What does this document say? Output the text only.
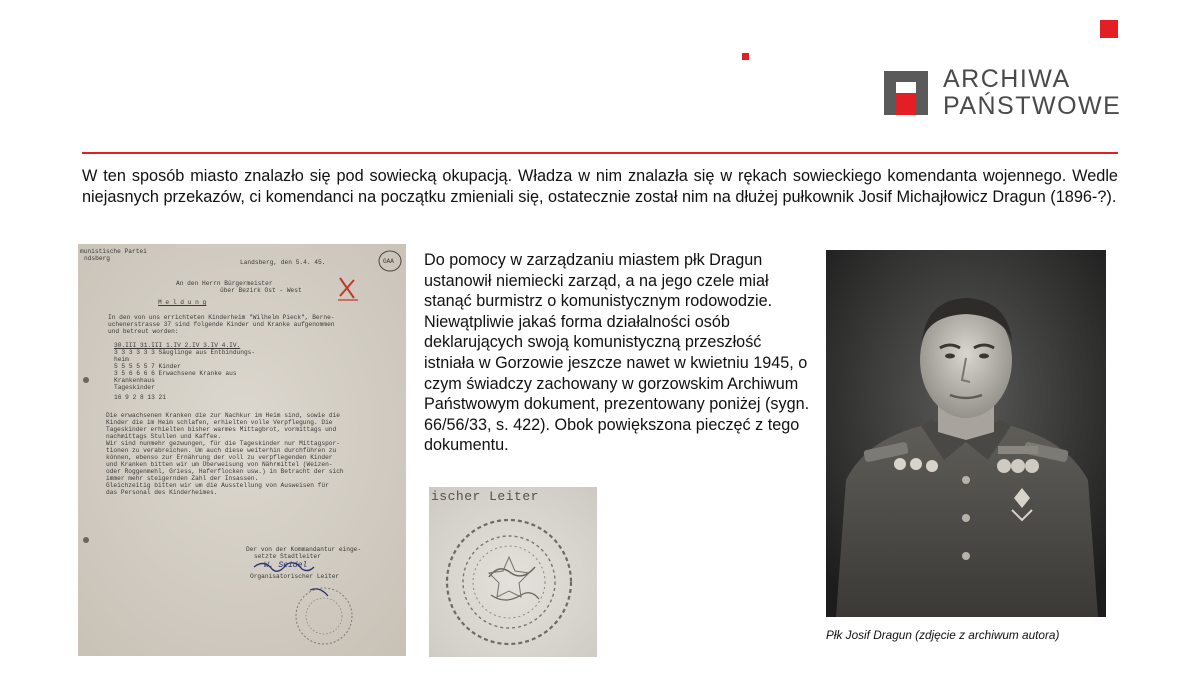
ARCHIWA
PAŃSTWOWE
W ten sposób miasto znalazło się pod sowiecką okupacją. Władza w nim znalazła się w rękach sowieckiego komendanta wojennego. Wedle niejasnych przekazów, ci komendanci na początku zmieniali się, ostatecznie został nim na dłużej pułkownik Josif Michajłowicz Dragun (1896-?).
munistische Partei
ndsberg
Landsberg, den 5.4. 45.	GAA
An den Herrn Bürgermeister
über Bezirk Ost - West
M e l d u n g
In den von uns errichteten Kinderheim "Wilhelm Pieck", Berne-
uchenerstrasse 37 sind folgende Kinder und Kranke aufgenommen
und betreut worden:
30.III 31.III 1.IV 2.IV 3.IV 4.IV.
3 3 3 3 3 3 Säuglinge aus Entbindungs-
heim
5 5 5 5 5 7 Kinder
3 5 6 6 6 6 Erwachsene Kranke aus
Krankenhaus
Tageskinder
16 9 2 8 13 21
Die erwachsenen Kranken die zur Nachkur im Heim sind, sowie die
Kinder die im Heim schlafen, erhielten volle Verpflegung. Die
Tageskinder erhielten bisher warmes Mittagbrot, vormittags und
nachmittags Stullen und Kaffee.
Wir sind nunmehr gezwungen, für die Tageskinder nur Mittagspor-
tionen zu verabreichen. Um auch diese weiterhin durchführen zu
können, ebenso zur Ernährung der voll zu verpflegenden Kinder
und Kranken bitten wir um Überweisung von Nährmittel (Weizen-
oder Roggenmehl, Griess, Haferflocken usw.) in Betracht der sich
immer mehr steigernden Zahl der Insassen.
Gleichzeitig bitten wir um die Ausstellung von Ausweisen für
das Personal des Kinderheimes.
Der von der Kommandantur einge-
setzte Stadtleiter
W. Seidel
Organisatorischer Leiter
Do pomocy w zarządzaniu miastem płk Dragun ustanowił niemiecki zarząd, a na jego czele miał stanąć burmistrz o komunistycznym rodowodzie. Niewątpliwie jakaś forma działalności osób deklarujących swoją komunistyczną przeszłość istniała w Gorzowie jeszcze nawet w kwietniu 1945, o czym świadczy zachowany w gorzowskim Archiwum Państwowym dokument, prezentowany poniżej (sygn. 66/56/33, s. 422). Obok powiększona pieczęć z tego dokumentu.
ischer Leiter
Płk Josif Dragun (zdjęcie z archiwum autora)
